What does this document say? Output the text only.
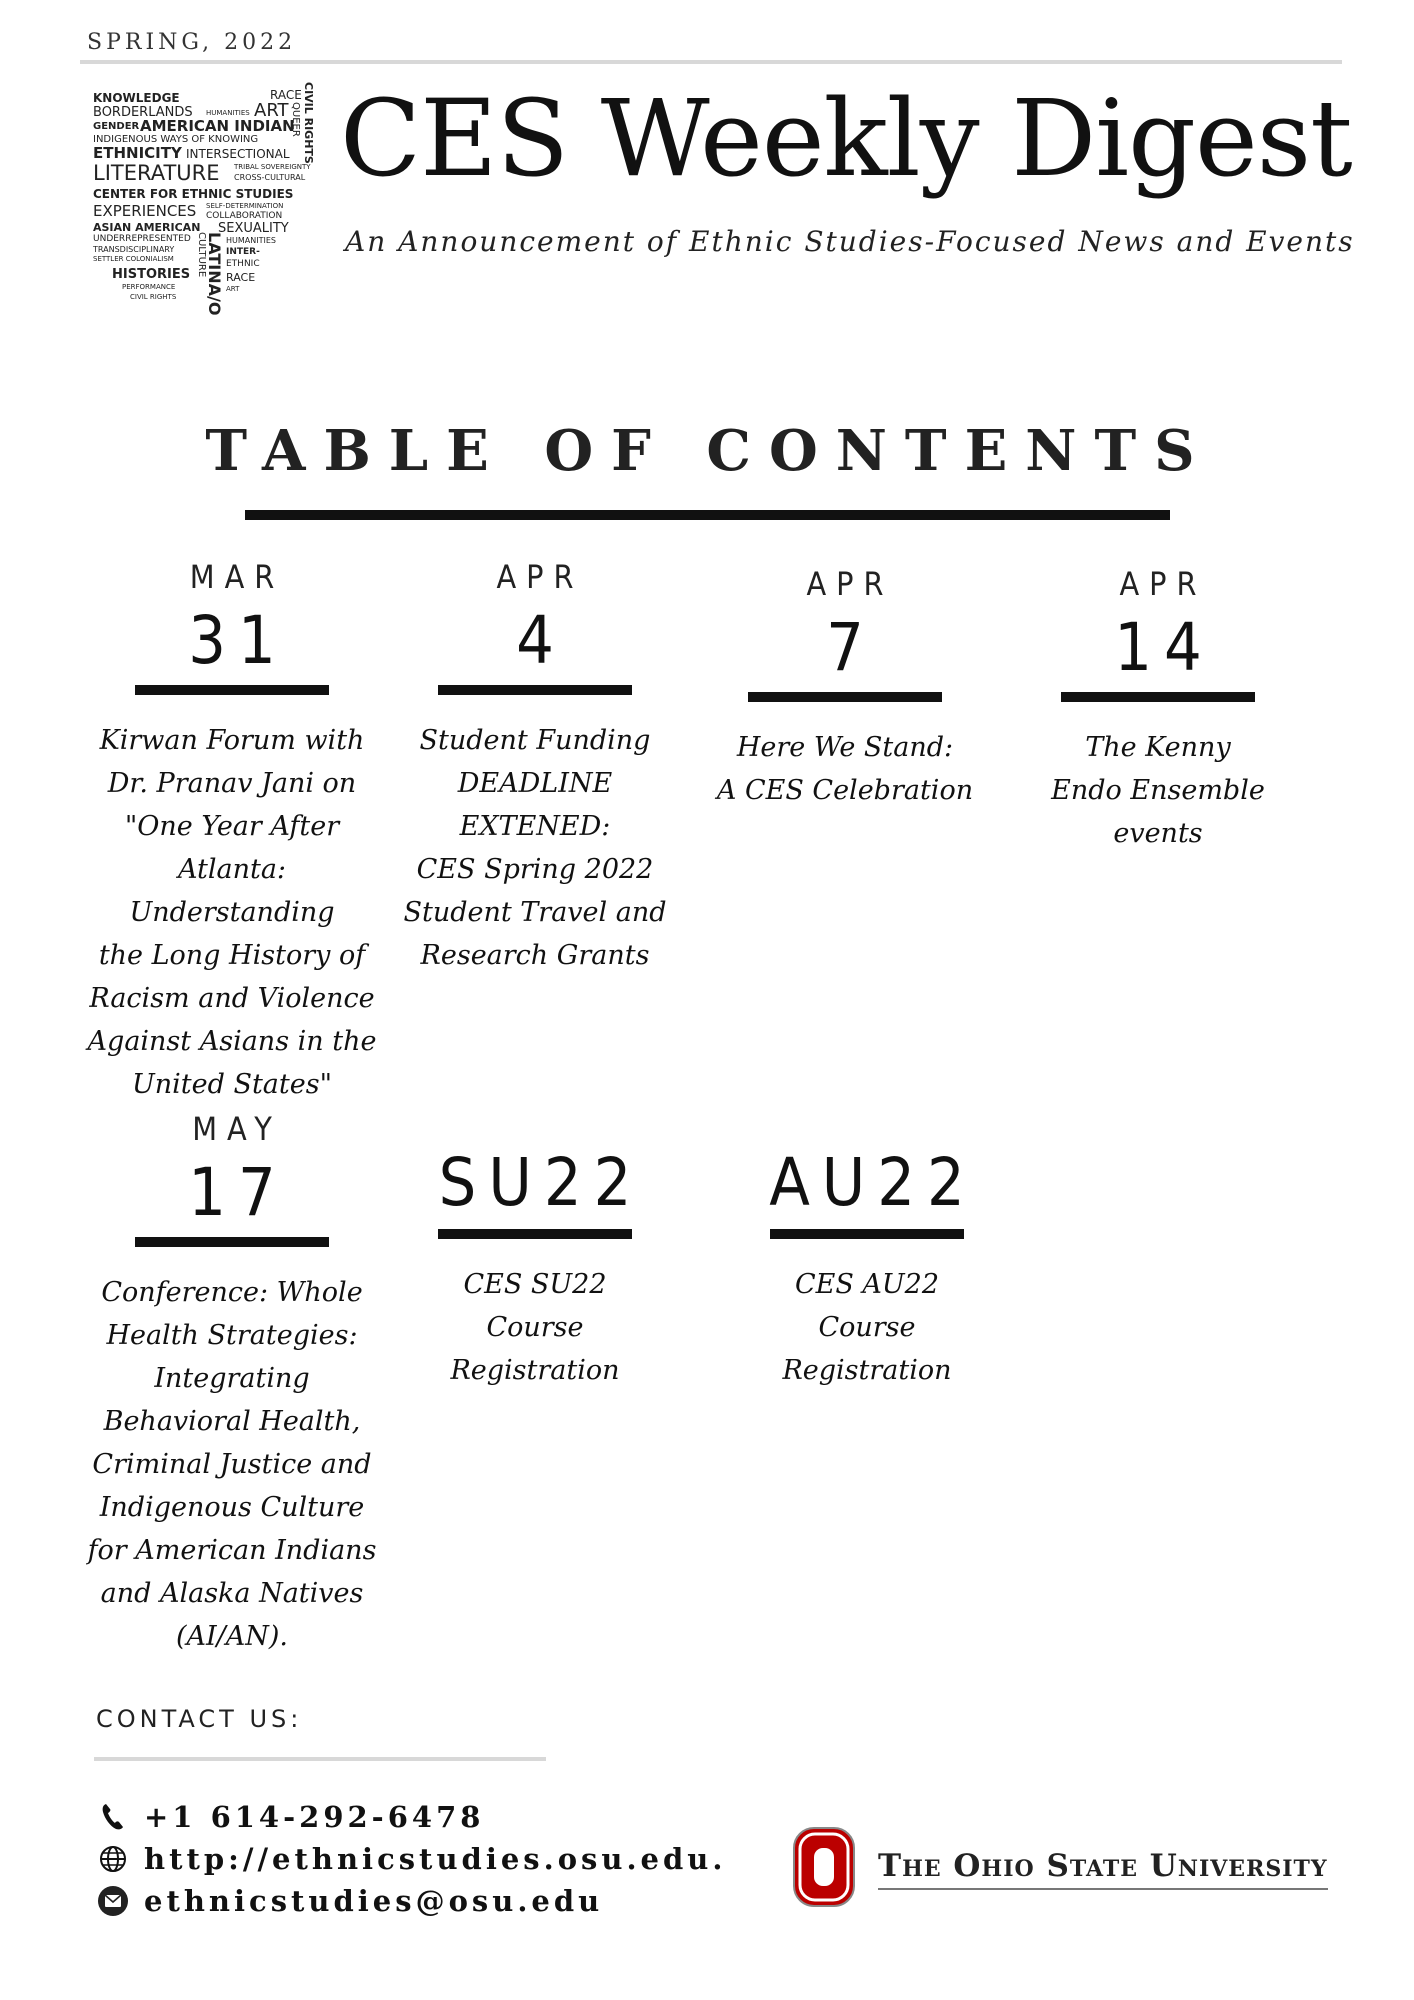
SPRING, 2022
KNOWLEDGE	RACE
BORDERLANDS HUMANITIES ART
GENDER AMERICAN INDIAN
INDIGENOUS WAYS OF KNOWING
ETHNICITY INTERSECTIONAL
LITERATURE TRIBAL SOVEREIGNTY
CROSS-CULTURAL
CENTER FOR ETHNIC STUDIES
EXPERIENCES SELF-DETERMINATION
COLLABORATION
ASIAN AMERICAN SEXUALITY
UNDERREPRESENTED	HUMANITIES
TRANSDISCIPLINARY	INTER-
SETTLER COLONIALISM	ETHNIC
HISTORIES	RACE
PERFORMANCE	ART
CIVIL RIGHTS
CIVIL RIGHTS
QUEER
LATINA/O
CULTURE
CES Weekly Digest
An Announcement of Ethnic Studies-Focused News and Events
TABLE OF CONTENTS
MAR
31
Kirwan Forum with
Dr. Pranav Jani on
"One Year After
Atlanta: Understanding
the Long History of
Racism and Violence
Against Asians in the
United States"
APR
4
Student Funding
DEADLINE
EXTENED:
CES Spring 2022
Student Travel and
Research Grants
APR
7
Here We Stand:
A CES Celebration
APR
14
The Kenny
Endo Ensemble
events
MAY
17
Conference: Whole
Health Strategies:
Integrating
Behavioral Health,
Criminal Justice and
Indigenous Culture
for American Indians
and Alaska Natives
(AI/AN).
SU22
CES SU22
Course
Registration
AU22
CES AU22
Course
Registration
CONTACT US:
+1 614-292-6478
http://ethnicstudies.osu.edu.
ethnicstudies@osu.edu
The Ohio State University
